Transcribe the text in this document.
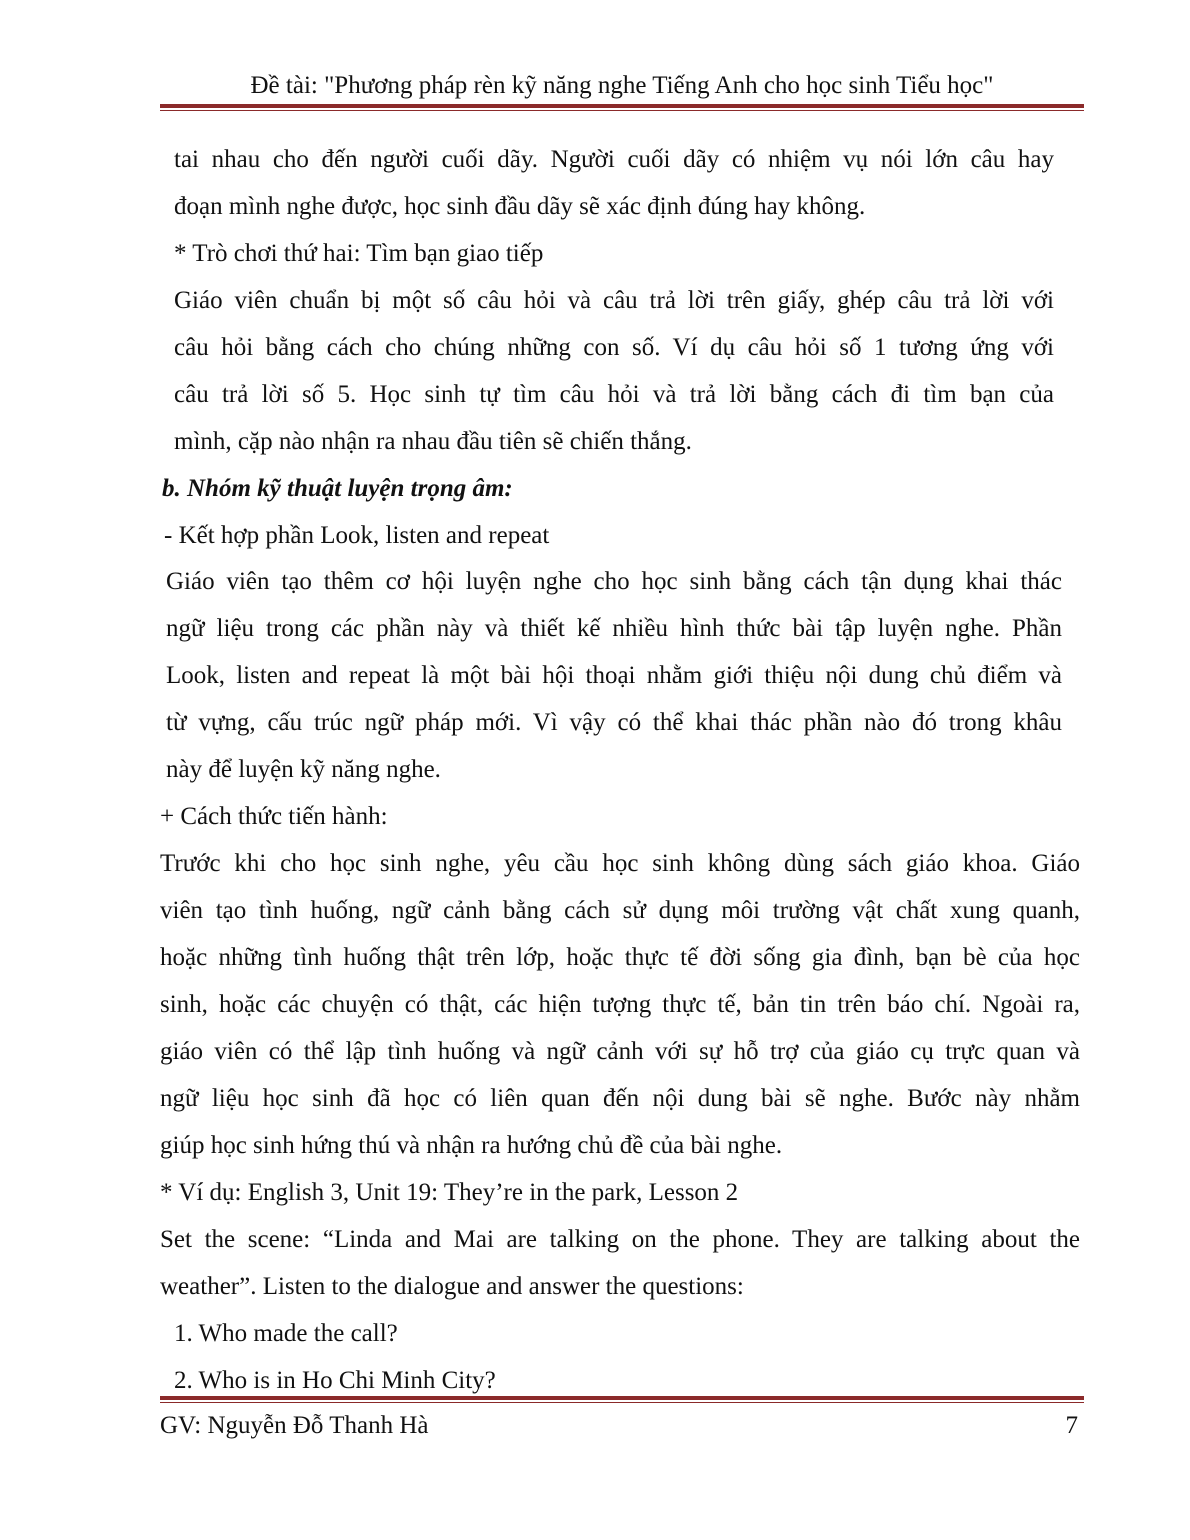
Đề tài: "Phương pháp rèn kỹ năng nghe Tiếng Anh cho học sinh Tiểu học"
tai nhau cho đến người cuối dãy. Người cuối dãy có nhiệm vụ nói lớn câu hay
đoạn mình nghe được, học sinh đầu dãy sẽ xác định đúng hay không.
* Trò chơi thứ hai: Tìm bạn giao tiếp
Giáo viên chuẩn bị một số câu hỏi và câu trả lời trên giấy, ghép câu trả lời với
câu hỏi bằng cách cho chúng những con số. Ví dụ câu hỏi số 1 tương ứng với
câu trả lời số 5. Học sinh tự tìm câu hỏi và trả lời bằng cách đi tìm bạn của
mình, cặp nào nhận ra nhau đầu tiên sẽ chiến thắng.
b. Nhóm kỹ thuật luyện trọng âm:
- Kết hợp phần Look, listen and repeat
Giáo viên tạo thêm cơ hội luyện nghe cho học sinh bằng cách tận dụng khai thác
ngữ liệu trong các phần này và thiết kế nhiều hình thức bài tập luyện nghe. Phần
Look, listen and repeat là một bài hội thoại nhằm giới thiệu nội dung chủ điểm và
từ vựng, cấu trúc ngữ pháp mới. Vì vậy có thể khai thác phần nào đó trong khâu
này để luyện kỹ năng nghe.
+ Cách thức tiến hành:
Trước khi cho học sinh nghe, yêu cầu học sinh không dùng sách giáo khoa. Giáo
viên tạo tình huống, ngữ cảnh bằng cách sử dụng môi trường vật chất xung quanh,
hoặc những tình huống thật trên lớp, hoặc thực tế đời sống gia đình, bạn bè của học
sinh, hoặc các chuyện có thật, các hiện tượng thực tế, bản tin trên báo chí. Ngoài ra,
giáo viên có thể lập tình huống và ngữ cảnh với sự hỗ trợ của giáo cụ trực quan và
ngữ liệu học sinh đã học có liên quan đến nội dung bài sẽ nghe. Bước này nhằm
giúp học sinh hứng thú và nhận ra hướng chủ đề của bài nghe.
* Ví dụ: English 3, Unit 19: They’re in the park, Lesson 2
Set the scene: “Linda and Mai are talking on the phone. They are talking about the
weather”. Listen to the dialogue and answer the questions:
1. Who made the call?
2. Who is in Ho Chi Minh City?
GV: Nguyễn Đỗ Thanh Hà	7
